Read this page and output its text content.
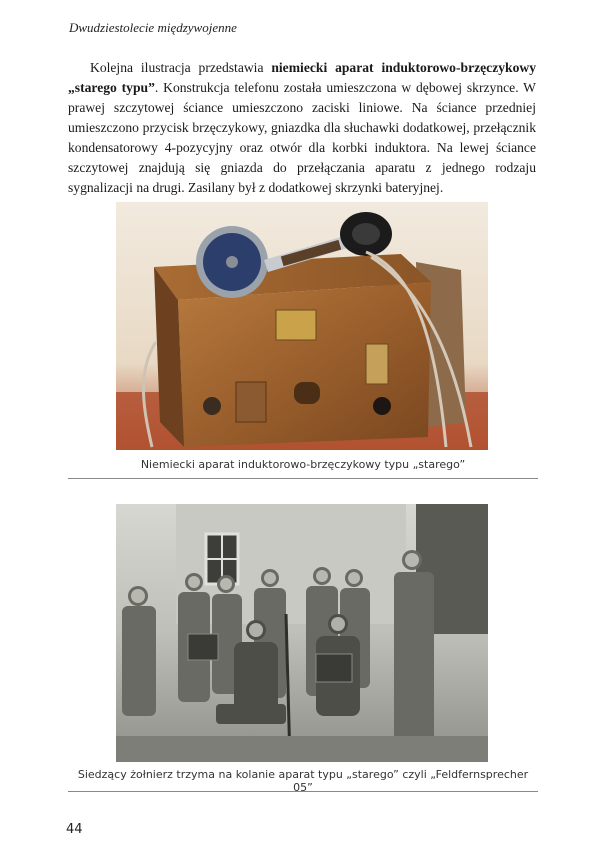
Dwudziestolecie międzywojenne

Kolejna ilustracja przedstawia niemiecki aparat induktorowo-brzęczykowy „starego typu”. Konstrukcja telefonu została umieszczona w dębowej skrzynce. W prawej szczytowej ściance umieszczono zaciski liniowe. Na ściance przedniej umieszczono przycisk brzęczykowy, gniazdka dla słuchawki dodatkowej, przełącznik kondensatorowy 4-pozycyjny oraz otwór dla korbki induktora. Na lewej ściance szczytowej znajdują się gniazda do przełączania aparatu z jednego rodzaju sygnalizacji na drugi. Zasilany był z dodatkowej skrzynki bateryjnej.

Niemiecki aparat induktorowo-brzęczykowy typu „starego”
Siedzący żołnierz trzyma na kolanie aparat typu „starego” czyli „Feldfernsprecher 05”
44
